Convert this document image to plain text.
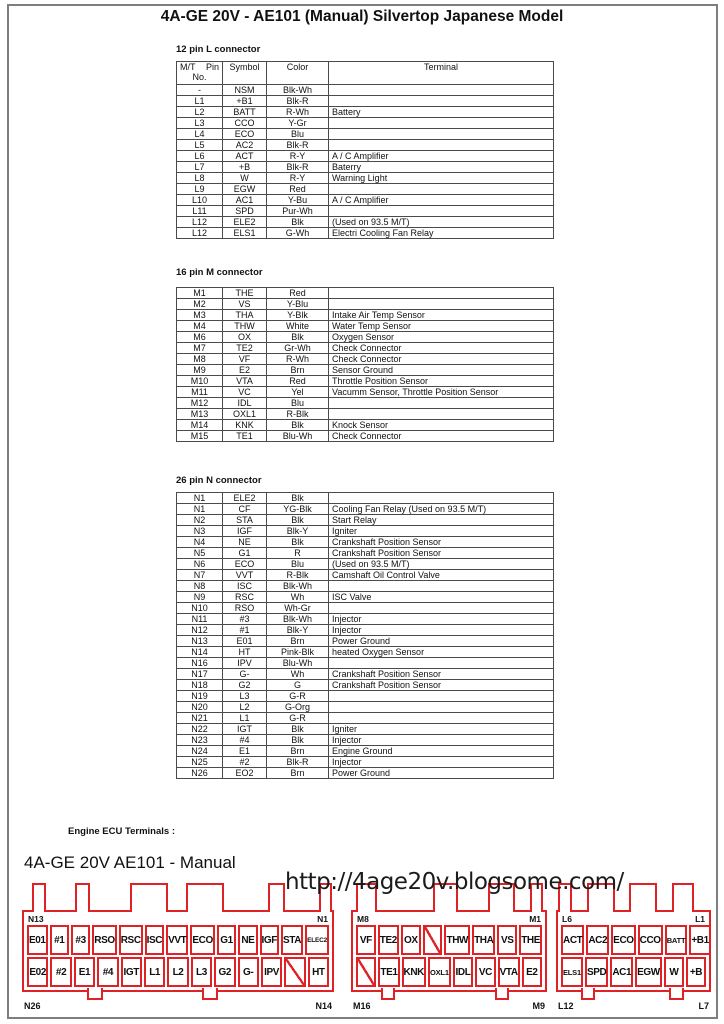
4A-GE 20V - AE101 (Manual) Silvertop Japanese Model
12 pin L connector
M/T Pin
No.	Symbol	Color	Terminal
-	NSM	Blk-Wh	
L1	+B1	Blk-R	
L2	BATT	R-Wh	Battery
L3	CCO	Y-Gr	
L4	ECO	Blu	
L5	AC2	Blk-R	
L6	ACT	R-Y	A / C Amplifier
L7	+B	Blk-R	Baterry
L8	W	R-Y	Warning Light
L9	EGW	Red	
L10	AC1	Y-Bu	A / C Amplifier
L11	SPD	Pur-Wh	
L12	ELE2	Blk	(Used on 93.5 M/T)
L12	ELS1	G-Wh	Electri Cooling Fan Relay
16 pin M connector
M1	THE	Red	
M2	VS	Y-Blu	
M3	THA	Y-Blk	Intake Air Temp Sensor
M4	THW	White	Water Temp Sensor
M6	OX	Blk	Oxygen Sensor
M7	TE2	Gr-Wh	Check Connector
M8	VF	R-Wh	Check Connector
M9	E2	Brn	Sensor Ground
M10	VTA	Red	Throttle Position Sensor
M11	VC	Yel	Vacumm Sensor, Throttle Position Sensor
M12	IDL	Blu	
M13	OXL1	R-Blk	
M14	KNK	Blk	Knock Sensor
M15	TE1	Blu-Wh	Check Connector
26 pin N connector
N1	ELE2	Blk	
N1	CF	YG-Blk	Cooling Fan Relay (Used on 93.5 M/T)
N2	STA	Blk	Start Relay
N3	IGF	Blk-Y	Igniter
N4	NE	Blk	Crankshaft Position Sensor
N5	G1	R	Crankshaft Position Sensor
N6	ECO	Blu	(Used on 93.5 M/T)
N7	VVT	R-Blk	Camshaft Oil Control Valve
N8	ISC	Blk-Wh	
N9	RSC	Wh	ISC Valve
N10	RSO	Wh-Gr	
N11	#3	Blk-Wh	Injector
N12	#1	Blk-Y	Injector
N13	E01	Brn	Power Ground
N14	HT	Pink-Blk	heated Oxygen Sensor
N16	IPV	Blu-Wh	
N17	G-	Wh	Crankshaft Position Sensor
N18	G2	G	Crankshaft Position Sensor
N19	L3	G-R	
N20	L2	G-Org	
N21	L1	G-R	
N22	IGT	Blk	Igniter
N23	#4	Blk	Injector
N24	E1	Brn	Engine Ground
N25	#2	Blk-R	Injector
N26	EO2	Brn	Power Ground
Engine ECU Terminals :
4A-GE 20V AE101 - Manual
http://4age20v.blogsome.com/
N13	N1
E01 #1	#3 RSO RSC ISC VVT ECO G1 NE IGF STA ELEC2
E02 #2	E1	#4	IGT	L1	L2	L3	G2	G-	IPV	HT
N26	N14
M8	M1
VF TE2 OX	THW THA VS THE
TE1 KNK OXL1 IDL VC VTA E2
M16	M9
L6	L1
ACT AC2 ECO CCO BATT +B1
ELS1 SPD AC1 EGW W	+B
L12	L7
